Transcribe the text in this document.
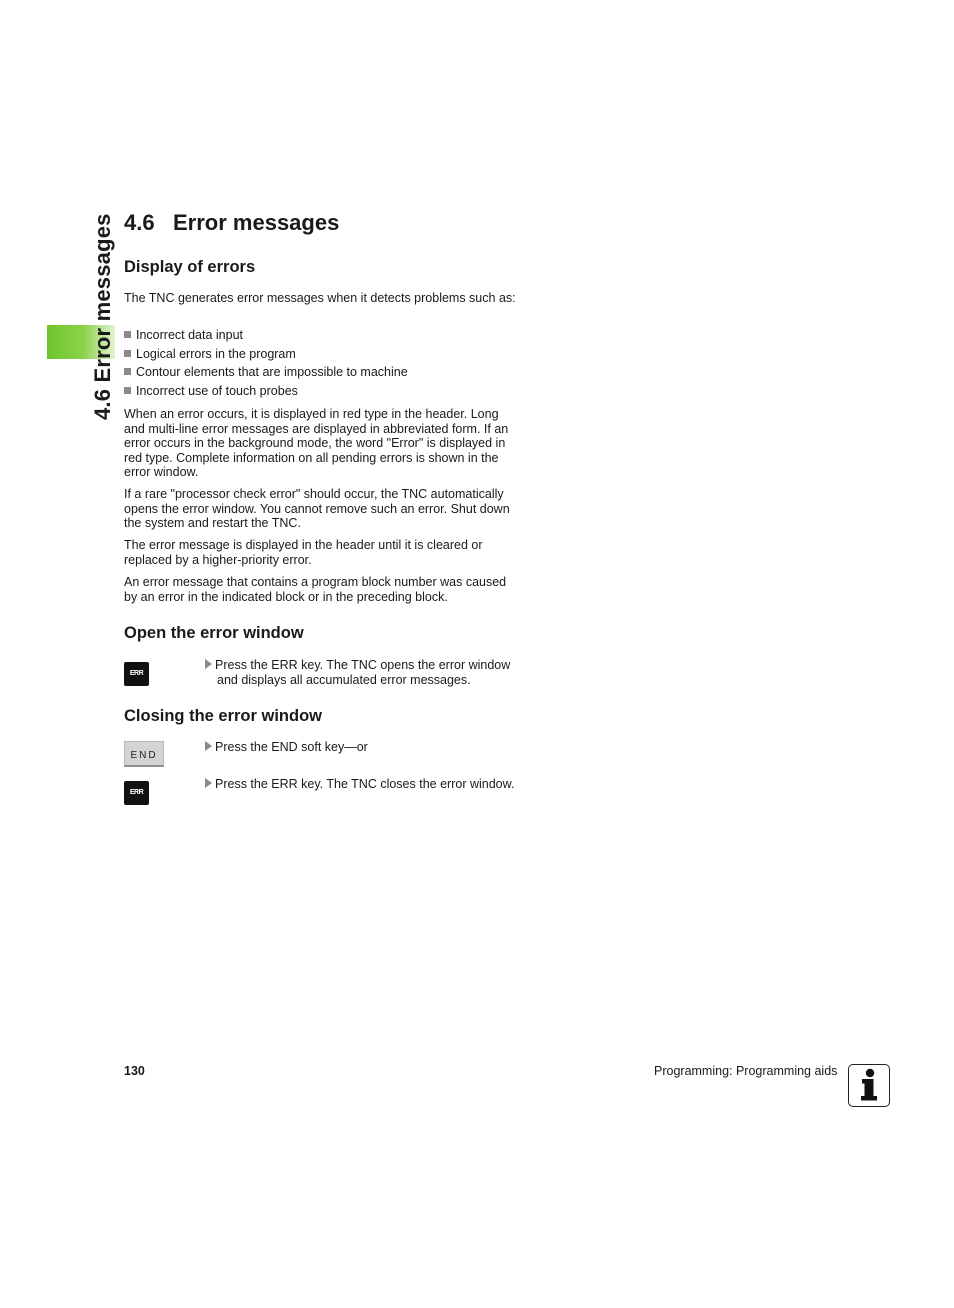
4.6 Error messages 4.6 Error messages
Display of errors

The TNC generates error messages when it detects problems such as:

Incorrect data input
Logical errors in the program
Contour elements that are impossible to machine
Incorrect use of touch probes

When an error occurs, it is displayed in red type in the header. Long and multi-line error messages are displayed in abbreviated form. If an error occurs in the background mode, the word "Error" is displayed in red type. Complete information on all pending errors is shown in the error window.

If a rare "processor check error" should occur, the TNC automatically opens the error window. You cannot remove such an error. Shut down the system and restart the TNC.

The error message is displayed in the header until it is cleared or replaced by a higher-priority error.

An error message that contains a program block number was caused by an error in the indicated block or in the preceding block.

Open the error window
Closing the error window
ERR
Press the ERR key. The TNC opens the error window
and displays all accumulated error messages.
END
Press the END soft key—or
ERR
Press the ERR key. The TNC closes the error window.
130	Programming: Programming aids
